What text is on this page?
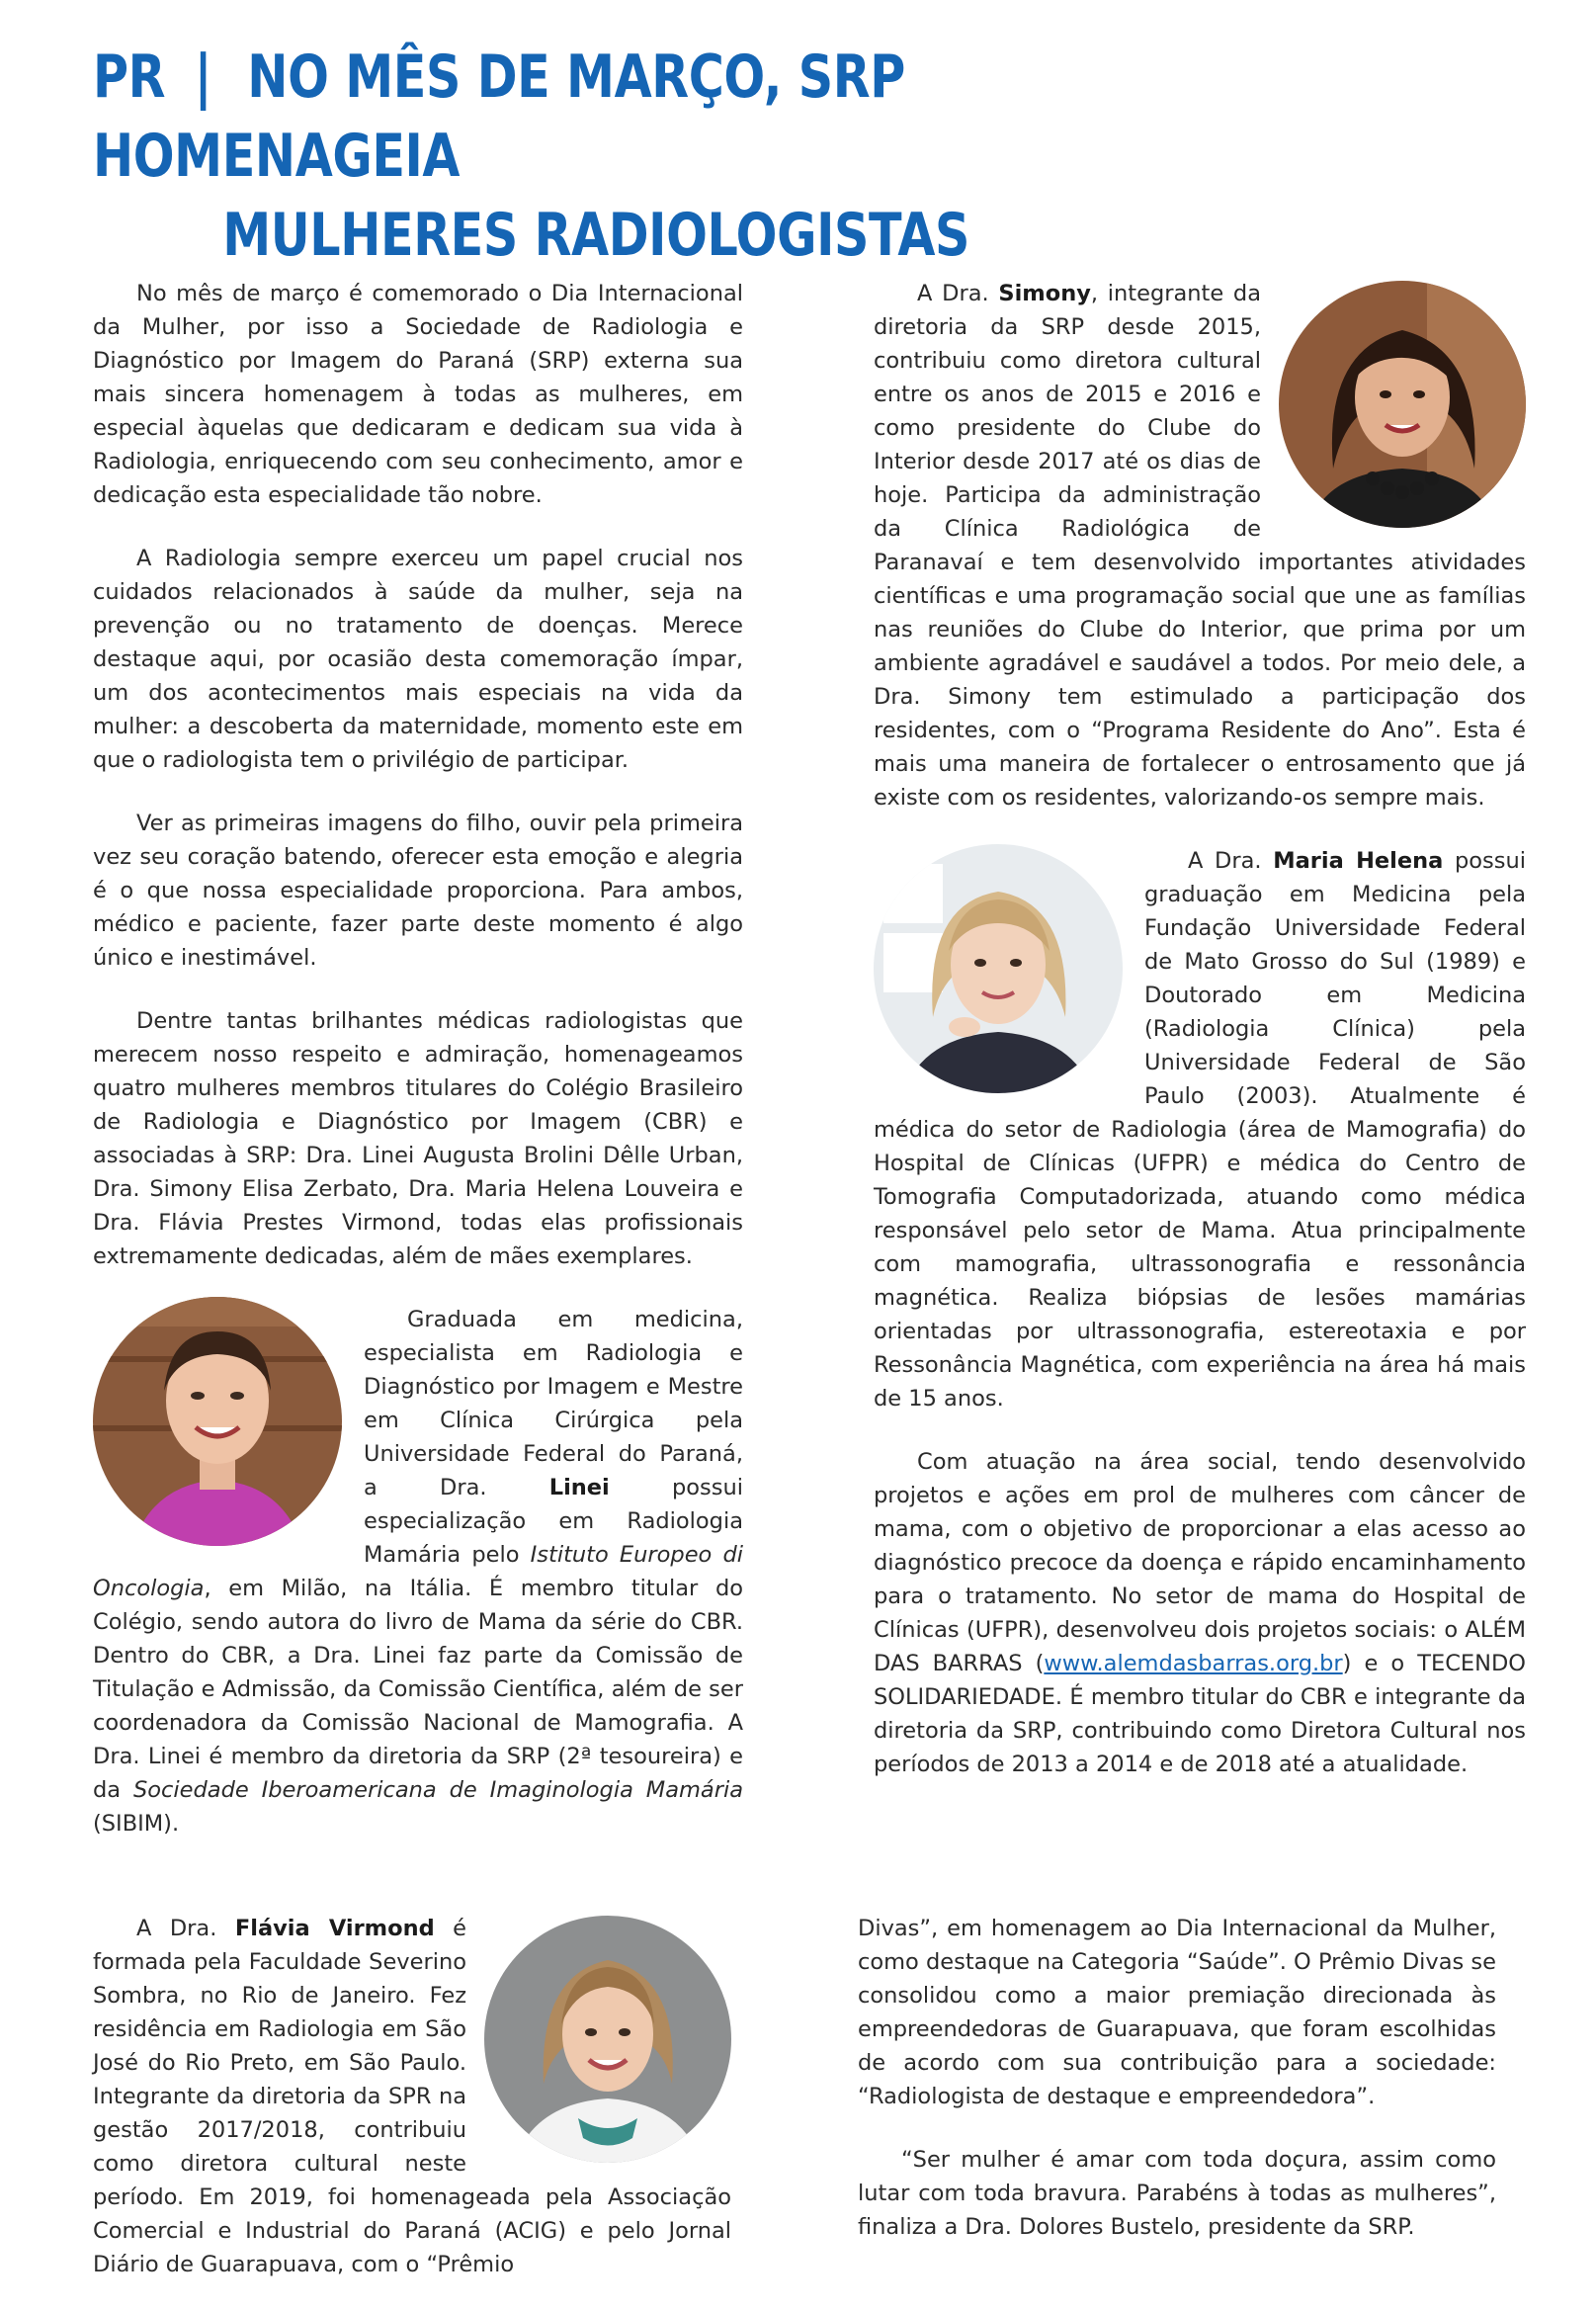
PR | NO MÊS DE MARÇO, SRP HOMENAGEIA
MULHERES RADIOLOGISTAS

No mês de março é comemorado o Dia Internacional da Mulher, por isso a Sociedade de Radiologia e Diagnóstico por Imagem do Paraná (SRP) externa sua mais sincera homenagem à todas as mulheres, em especial àquelas que dedicaram e dedicam sua vida à Radiologia, enriquecendo com seu conhecimento, amor e dedicação esta especialidade tão nobre.

A Radiologia sempre exerceu um papel crucial nos cuidados relacionados à saúde da mulher, seja na prevenção ou no tratamento de doenças. Merece destaque aqui, por ocasião desta comemoração ímpar, um dos acontecimentos mais especiais na vida da mulher: a descoberta da maternidade, momento este em que o radiologista tem o privilégio de participar.

Ver as primeiras imagens do filho, ouvir pela primeira vez seu coração batendo, oferecer esta emoção e alegria é o que nossa especialidade proporciona. Para ambos, médico e paciente, fazer parte deste momento é algo único e inestimável.

Dentre tantas brilhantes médicas radiologistas que merecem nosso respeito e admiração, homenageamos quatro mulheres membros titulares do Colégio Brasileiro de Radiologia e Diagnóstico por Imagem (CBR) e associadas à SRP: Dra. Linei Augusta Brolini Dêlle Urban, Dra. Simony Elisa Zerbato, Dra. Maria Helena Louveira e Dra. Flávia Prestes Virmond, todas elas profissionais extremamente dedicadas, além de mães exemplares.

Graduada em medicina, especialista em Radiologia e Diagnóstico por Imagem e Mestre em Clínica Cirúrgica pela Universidade Federal do Paraná, a Dra. Linei possui especialização em Radiologia Mamária pelo Istituto Europeo di Oncologia, em Milão, na Itália. É membro titular do Colégio, sendo autora do livro de Mama da série do CBR. Dentro do CBR, a Dra. Linei faz parte da Comissão de Titulação e Admissão, da Comissão Científica, além de ser coordenadora da Comissão Nacional de Mamografia. A Dra. Linei é membro da diretoria da SRP (2ª tesoureira) e da Sociedade Iberoamericana de Imaginologia Mamária (SIBIM).

A Dra. Flávia Virmond é formada pela Faculdade Severino Sombra, no Rio de Janeiro. Fez residência em Radiologia em São José do Rio Preto, em São Paulo. Integrante da diretoria da SPR na gestão 2017/2018, contribuiu como diretora cultural neste período. Em 2019, foi homenageada pela Associação Comercial e Industrial do Paraná (ACIG) e pelo Jornal Diário de Guarapuava, com o “Prêmio

A Dra. Simony, integrante da diretoria da SRP desde 2015, contribuiu como diretora cultural entre os anos de 2015 e 2016 e como presidente do Clube do Interior desde 2017 até os dias de hoje. Participa da administração da Clínica Radiológica de Paranavaí e tem desenvolvido importantes atividades científicas e uma programação social que une as famílias nas reuniões do Clube do Interior, que prima por um ambiente agradável e saudável a todos. Por meio dele, a Dra. Simony tem estimulado a participação dos residentes, com o “Programa Residente do Ano”. Esta é mais uma maneira de fortalecer o entrosamento que já existe com os residentes, valorizando-os sempre mais.

A Dra. Maria Helena possui graduação em Medicina pela Fundação Universidade Federal de Mato Grosso do Sul (1989) e Doutorado em Medicina (Radiologia Clínica) pela Universidade Federal de São Paulo (2003). Atualmente é médica do setor de Radiologia (área de Mamografia) do Hospital de Clínicas (UFPR) e médica do Centro de Tomografia Computadorizada, atuando como médica responsável pelo setor de Mama. Atua principalmente com mamografia, ultrassonografia e ressonância magnética. Realiza biópsias de lesões mamárias orientadas por ultrassonografia, estereotaxia e por Ressonância Magnética, com experiência na área há mais de 15 anos.

Com atuação na área social, tendo desenvolvido projetos e ações em prol de mulheres com câncer de mama, com o objetivo de proporcionar a elas acesso ao diagnóstico precoce da doença e rápido encaminhamento para o tratamento. No setor de mama do Hospital de Clínicas (UFPR), desenvolveu dois projetos sociais: o ALÉM DAS BARRAS (www.alemdasbarras.org.br) e o TECENDO SOLIDARIEDADE. É membro titular do CBR e integrante da diretoria da SRP, contribuindo como Diretora Cultural nos períodos de 2013 a 2014 e de 2018 até a atualidade.

Divas”, em homenagem ao Dia Internacional da Mulher, como destaque na Categoria “Saúde”. O Prêmio Divas se consolidou como a maior premiação direcionada às empreendedoras de Guarapuava, que foram escolhidas de acordo com sua contribuição para a sociedade: “Radiologista de destaque e empreendedora”.

“Ser mulher é amar com toda doçura, assim como lutar com toda bravura. Parabéns à todas as mulheres”, finaliza a Dra. Dolores Bustelo, presidente da SRP.
